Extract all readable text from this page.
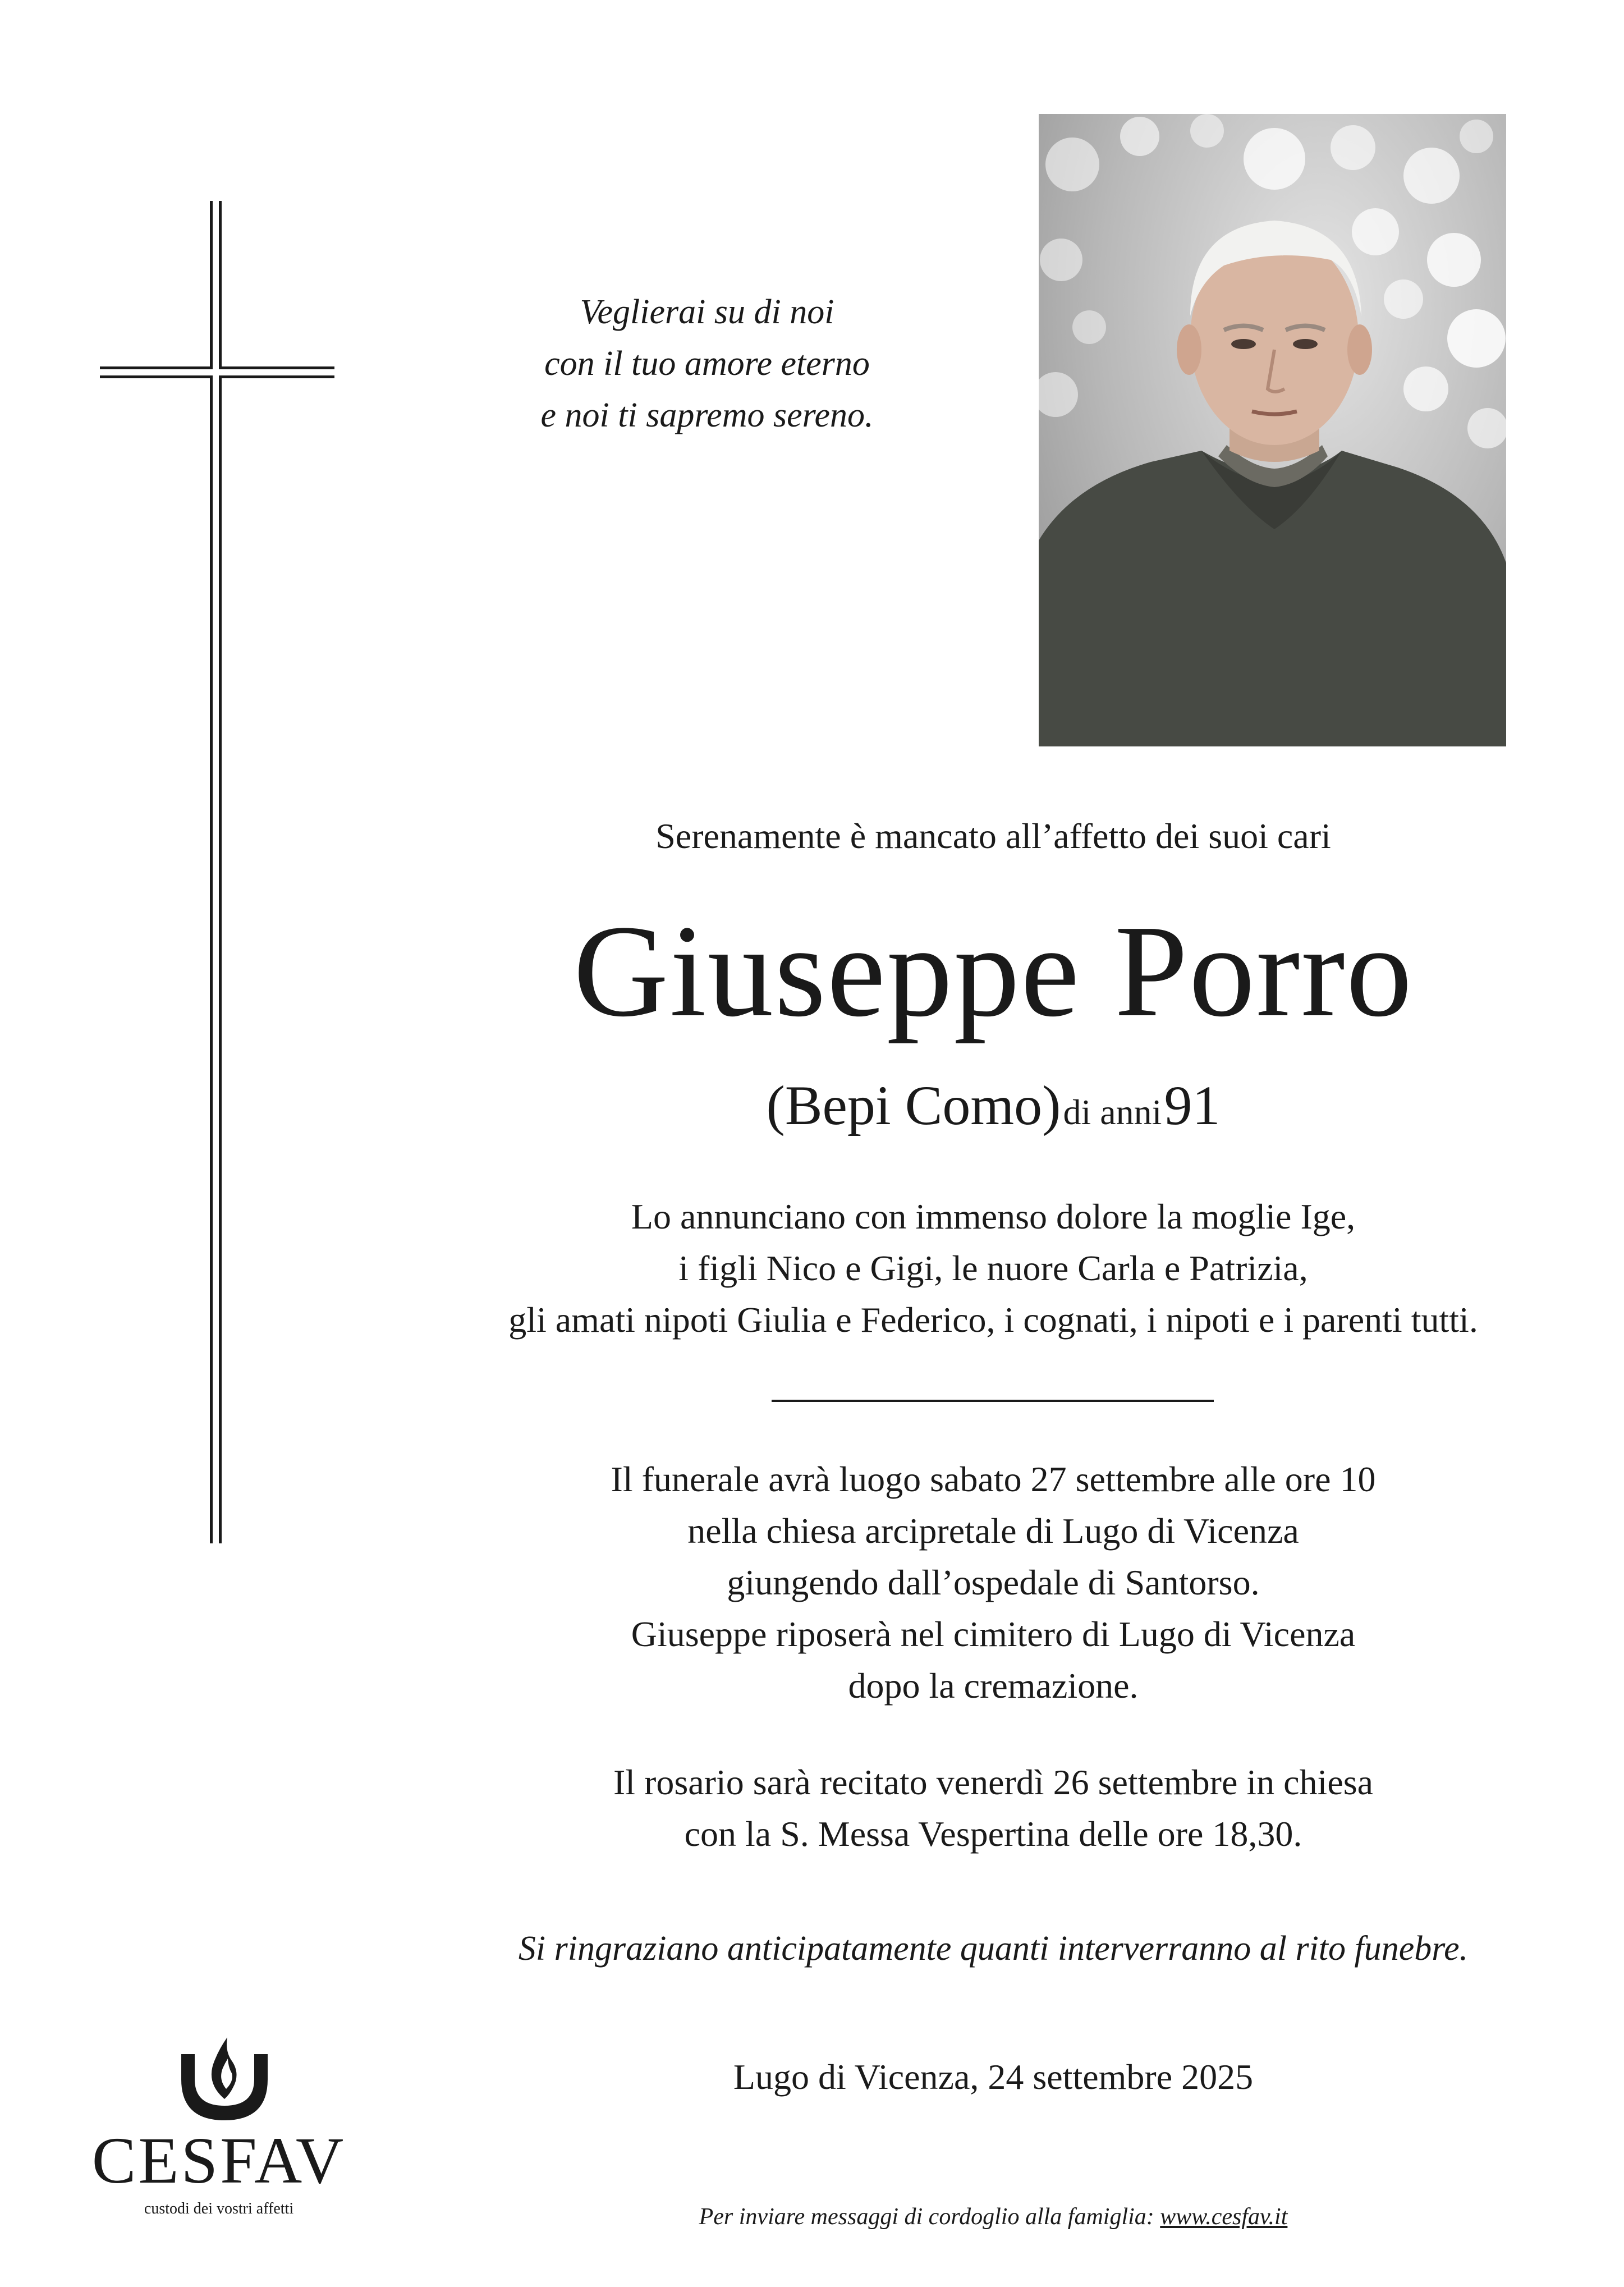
Veglierai su di noi
con il tuo amore eterno
e noi ti sapremo sereno.
Serenamente è mancato all’affetto dei suoi cari
Giuseppe Porro
(Bepi Como) di anni 91
Lo annunciano con immenso dolore la moglie Ige,
i figli Nico e Gigi, le nuore Carla e Patrizia,
gli amati nipoti Giulia e Federico, i cognati, i nipoti e i parenti tutti.
Il funerale avrà luogo sabato 27 settembre alle ore 10
nella chiesa arcipretale di Lugo di Vicenza
giungendo dall’ospedale di Santorso.
Giuseppe riposerà nel cimitero di Lugo di Vicenza
dopo la cremazione.
Il rosario sarà recitato venerdì 26 settembre in chiesa
con la S. Messa Vespertina delle ore 18,30.
Si ringraziano anticipatamente quanti interverranno al rito funebre.
Lugo di Vicenza, 24 settembre 2025
Per inviare messaggi di cordoglio alla famiglia: www.cesfav.it
CESFAV
custodi dei vostri affetti
